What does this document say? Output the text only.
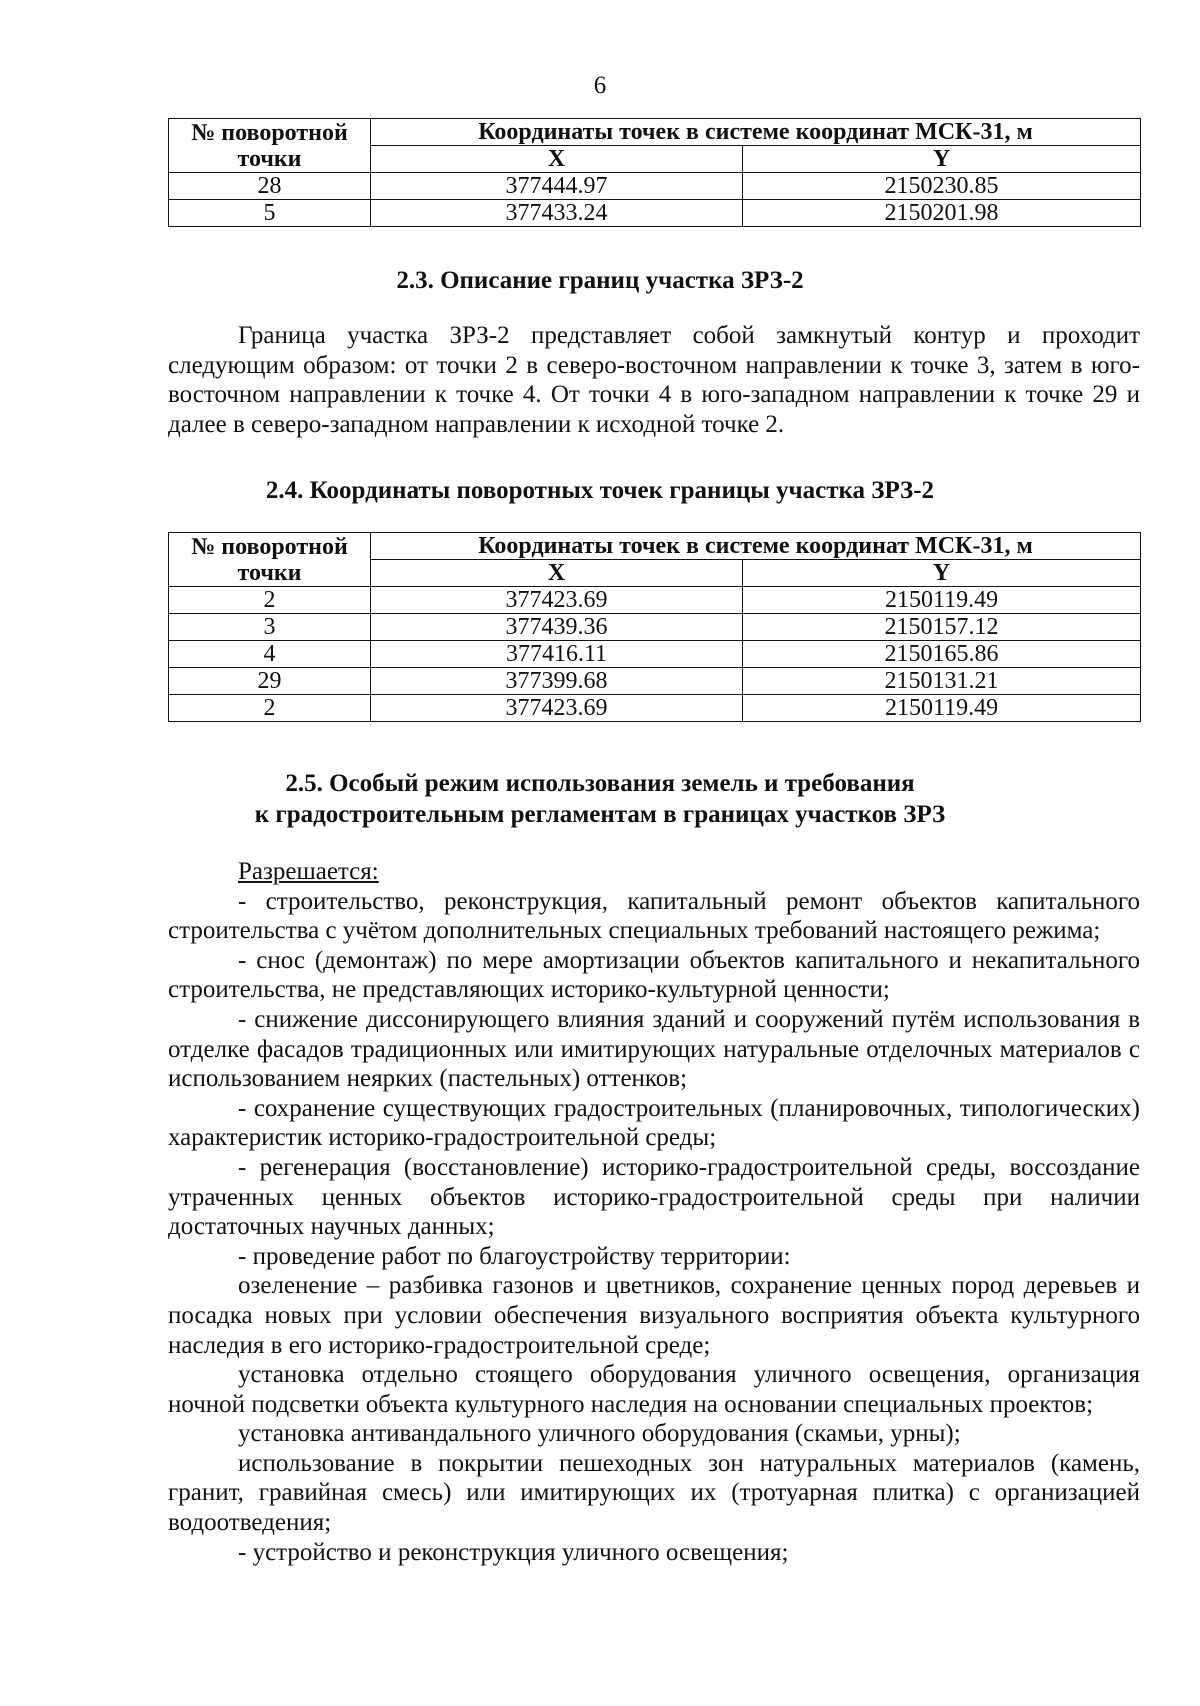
6
№ поворотной точки	Координаты точек в системе координат МСК-31, м	
	X	Y
28	377444.97	2150230.85
5	377433.24	2150201.98
2.3. Описание границ участка ЗРЗ-2

Граница участка ЗРЗ-2 представляет собой замкнутый контур и проходит следующим образом: от точки 2 в северо-восточном направлении к точке 3, затем в юго-восточном направлении к точке 4. От точки 4 в юго-западном направлении к точке 29 и далее в северо-западном направлении к исходной точке 2.

2.4. Координаты поворотных точек границы участка ЗРЗ-2
№ поворотной точки	Координаты точек в системе координат МСК-31, м	
	X	Y
2	377423.69	2150119.49
3	377439.36	2150157.12
4	377416.11	2150165.86
29	377399.68	2150131.21
2	377423.69	2150119.49
2.5. Особый режим использования земель и требования
к градостроительным регламентам в границах участков ЗРЗ

Разрешается:

- строительство, реконструкция, капитальный ремонт объектов капитального строительства с учётом дополнительных специальных требований настоящего режима;

- снос (демонтаж) по мере амортизации объектов капитального и некапитального строительства, не представляющих историко-культурной ценности;

- снижение диссонирующего влияния зданий и сооружений путём использования в отделке фасадов традиционных или имитирующих натуральные отделочных материалов с использованием неярких (пастельных) оттенков;

- сохранение существующих градостроительных (планировочных, типологических) характеристик историко-градостроительной среды;

- регенерация (восстановление) историко-градостроительной среды, воссоздание утраченных ценных объектов историко-градостроительной среды при наличии достаточных научных данных;

- проведение работ по благоустройству территории:

озеленение – разбивка газонов и цветников, сохранение ценных пород деревьев и посадка новых при условии обеспечения визуального восприятия объекта культурного наследия в его историко-градостроительной среде;

установка отдельно стоящего оборудования уличного освещения, организация ночной подсветки объекта культурного наследия на основании специальных проектов;

установка антивандального уличного оборудования (скамьи, урны);

использование в покрытии пешеходных зон натуральных материалов (камень, гранит, гравийная смесь) или имитирующих их (тротуарная плитка) с организацией водоотведения;

- устройство и реконструкция уличного освещения;
